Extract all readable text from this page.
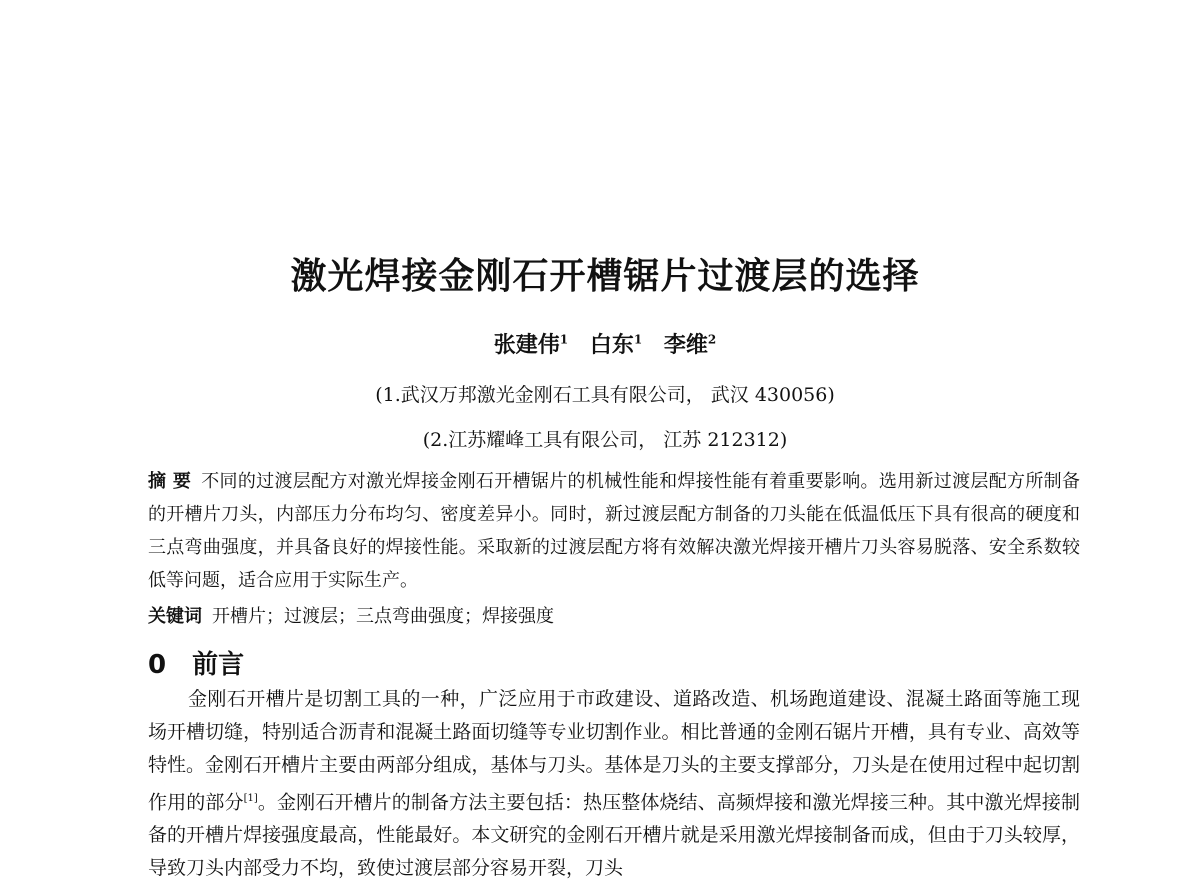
激光焊接金刚石开槽锯片过渡层的选择
张建伟$^1$ 白东$^1$ 李维$^2$
(1.武汉万邦激光金刚石工具有限公司， 武汉 430056)
(2.江苏耀峰工具有限公司， 江苏 212312)
摘 要 不同的过渡层配方对激光焊接金刚石开槽锯片的机械性能和焊接性能有着重要影响。选用新过渡层配方所制备的开槽片刀头，内部压力分布均匀、密度差异小。同时，新过渡层配方制备的刀头能在低温低压下具有很高的硬度和三点弯曲强度，并具备良好的焊接性能。采取新的过渡层配方将有效解决激光焊接开槽片刀头容易脱落、安全系数较低等问题，适合应用于实际生产。
关键词 开槽片；过渡层；三点弯曲强度；焊接强度
0 前言
金刚石开槽片是切割工具的一种，广泛应用于市政建设、道路改造、机场跑道建设、混凝土路面等施工现场开槽切缝，特别适合沥青和混凝土路面切缝等专业切割作业。相比普通的金刚石锯片开槽，具有专业、高效等特性。金刚石开槽片主要由两部分组成，基体与刀头。基体是刀头的主要支撑部分，刀头是在使用过程中起切割作用的部分[1]。金刚石开槽片的制备方法主要包括：热压整体烧结、高频焊接和激光焊接三种。其中激光焊接制备的开槽片焊接强度最高，性能最好。本文研究的金刚石开槽片就是采用激光焊接制备而成，但由于刀头较厚，导致刀头内部受力不均，致使过渡层部分容易开裂，刀头
